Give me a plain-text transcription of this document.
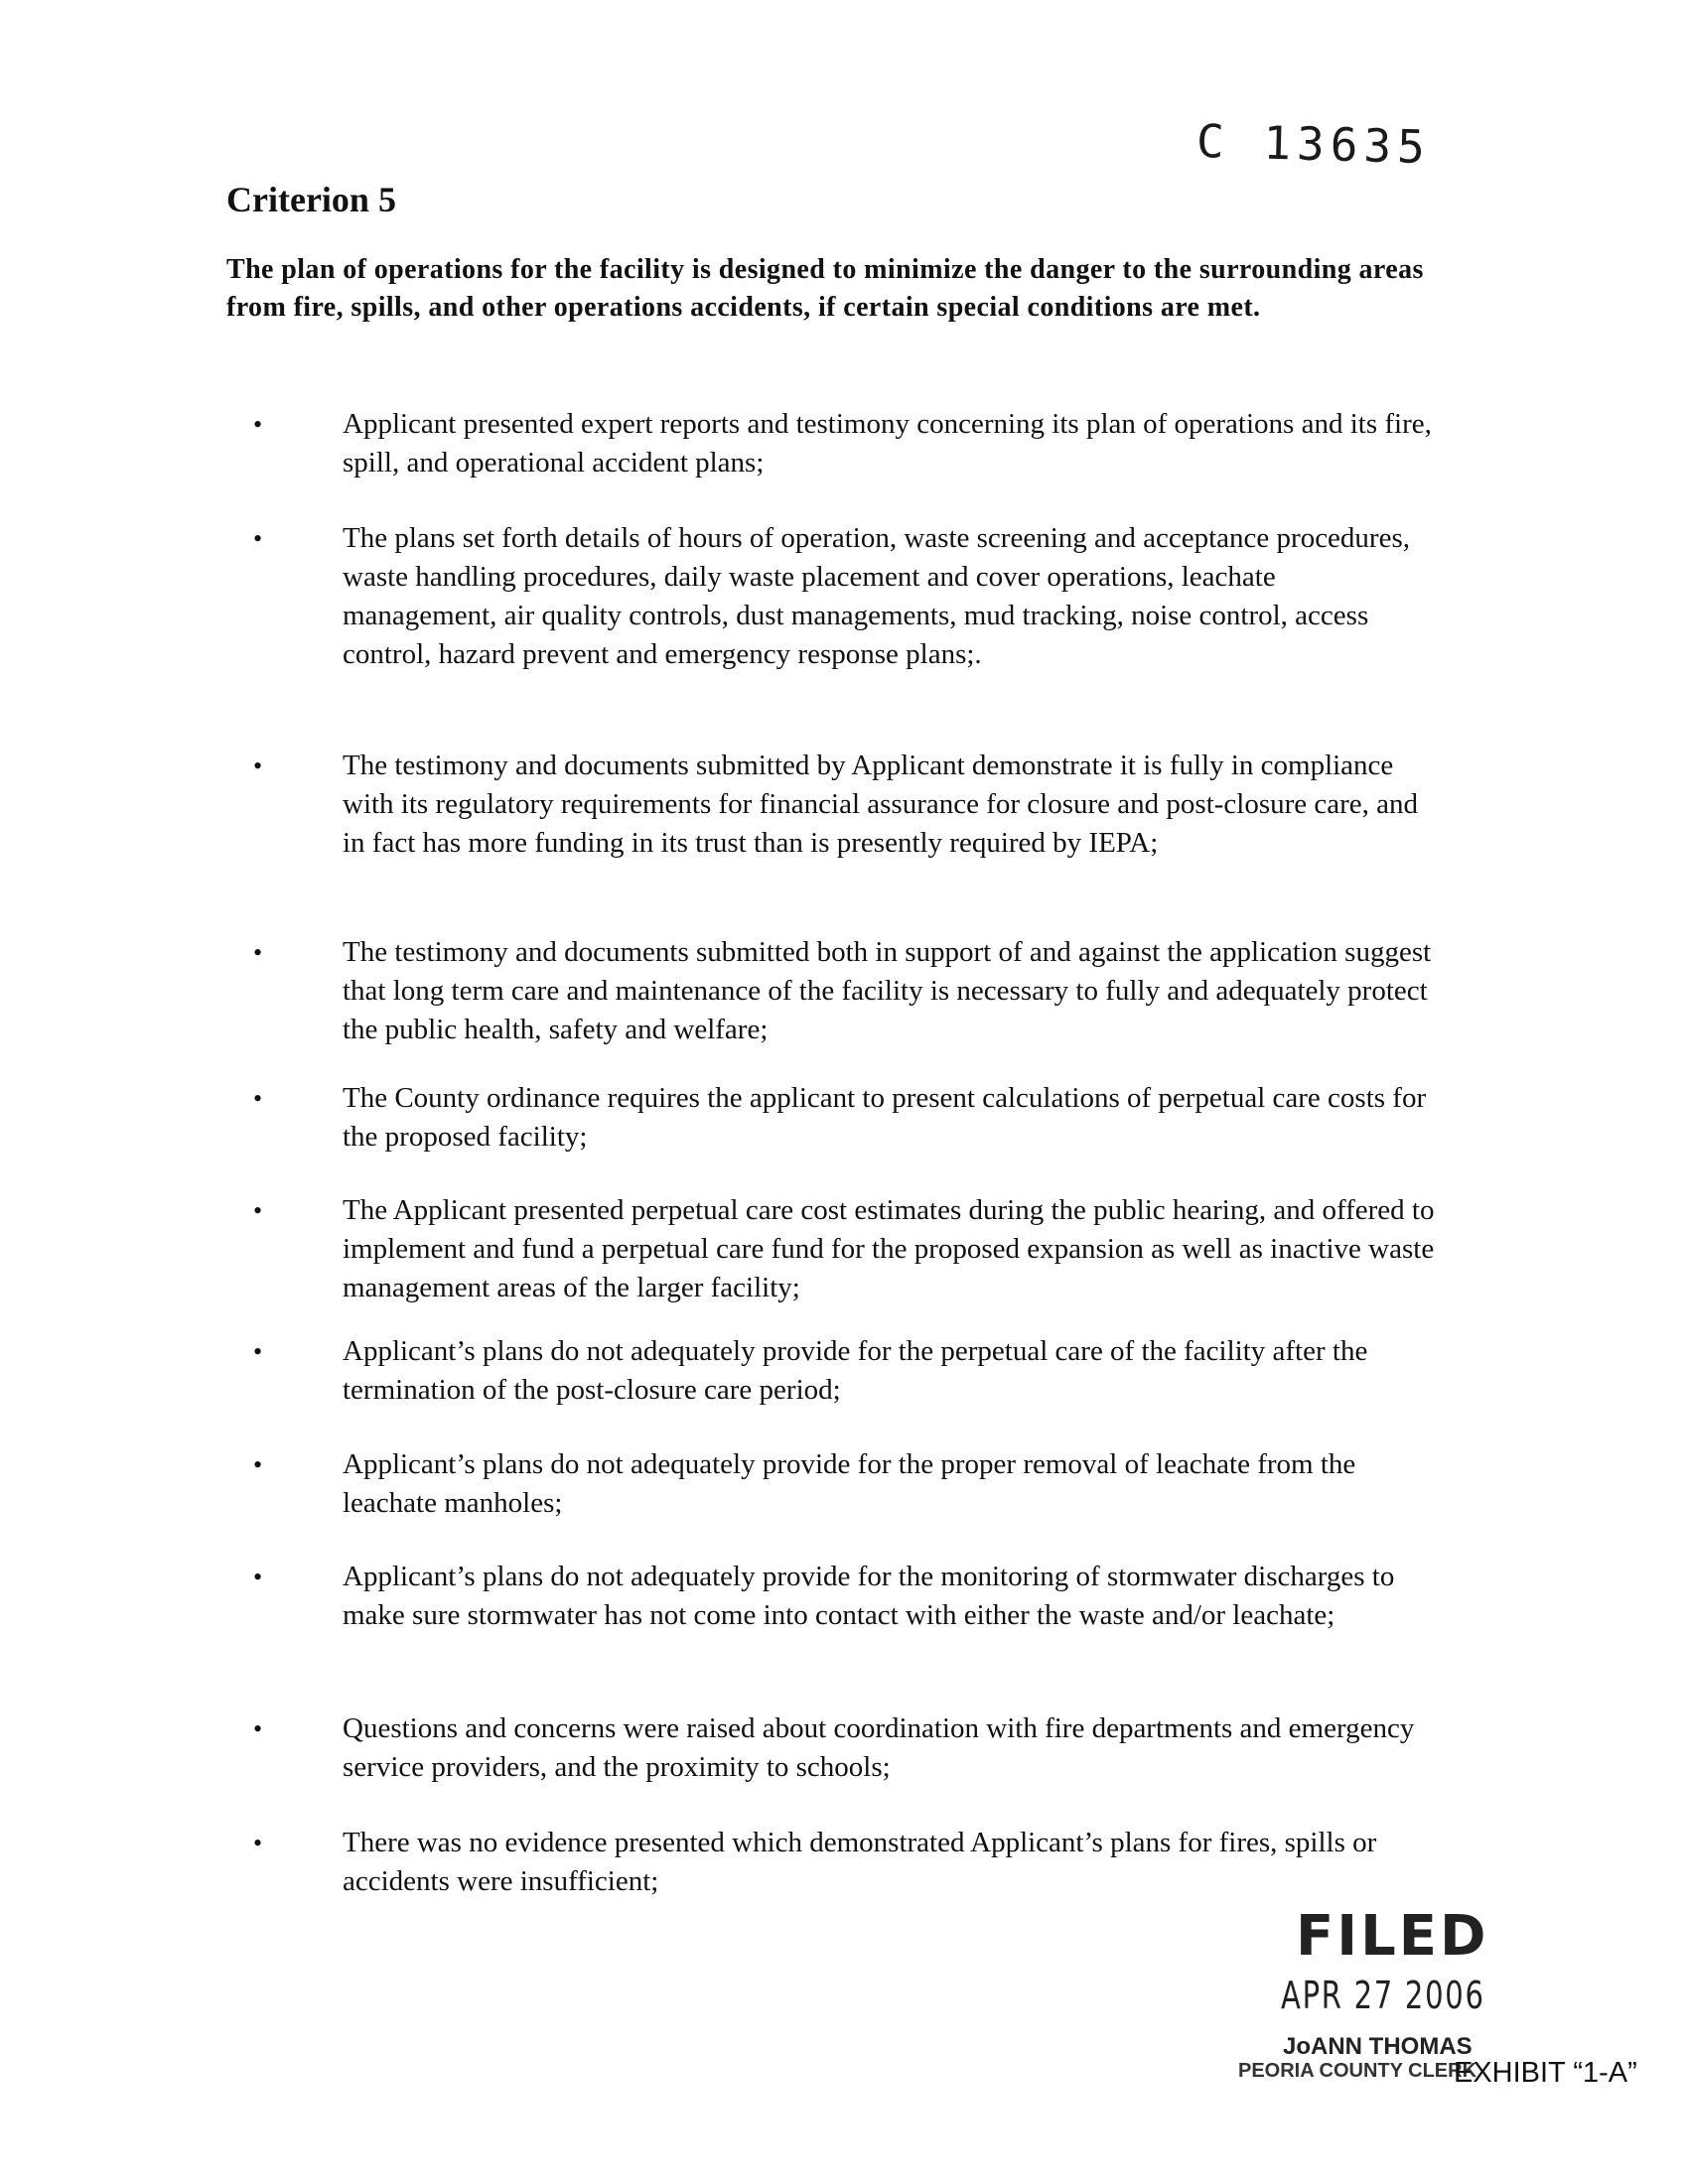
C 13635
Criterion 5

The plan of operations for the facility is designed to minimize the danger to the surrounding areas from fire, spills, and other operations accidents, if certain special conditions are met.

•	Applicant presented expert reports and testimony concerning its plan of operations and its fire, spill, and operational accident plans;

•	The plans set forth details of hours of operation, waste screening and acceptance procedures, waste handling procedures, daily waste placement and cover operations, leachate management, air quality controls, dust managements, mud tracking, noise control, access control, hazard prevent and emergency response plans;.

•	The testimony and documents submitted by Applicant demonstrate it is fully in compliance with its regulatory requirements for financial assurance for closure and post-closure care, and in fact has more funding in its trust than is presently required by IEPA;

•	The testimony and documents submitted both in support of and against the application suggest that long term care and maintenance of the facility is necessary to fully and adequately protect the public health, safety and welfare;

•	The County ordinance requires the applicant to present calculations of perpetual care costs for the proposed facility;

•	The Applicant presented perpetual care cost estimates during the public hearing, and offered to implement and fund a perpetual care fund for the proposed expansion as well as inactive waste management areas of the larger facility;

•	Applicant’s plans do not adequately provide for the perpetual care of the facility after the termination of the post-closure care period;

•	Applicant’s plans do not adequately provide for the proper removal of leachate from the leachate manholes;

•	Applicant’s plans do not adequately provide for the monitoring of stormwater discharges to make sure stormwater has not come into contact with either the waste and/or leachate;

•	Questions and concerns were raised about coordination with fire departments and emergency service providers, and the proximity to schools;

•	There was no evidence presented which demonstrated Applicant’s plans for fires, spills or accidents were insufficient;

FILED
APR 27 2006
JoANN THOMAS
PEORIA COUNTY CLERK
EXHIBIT “1-A”
